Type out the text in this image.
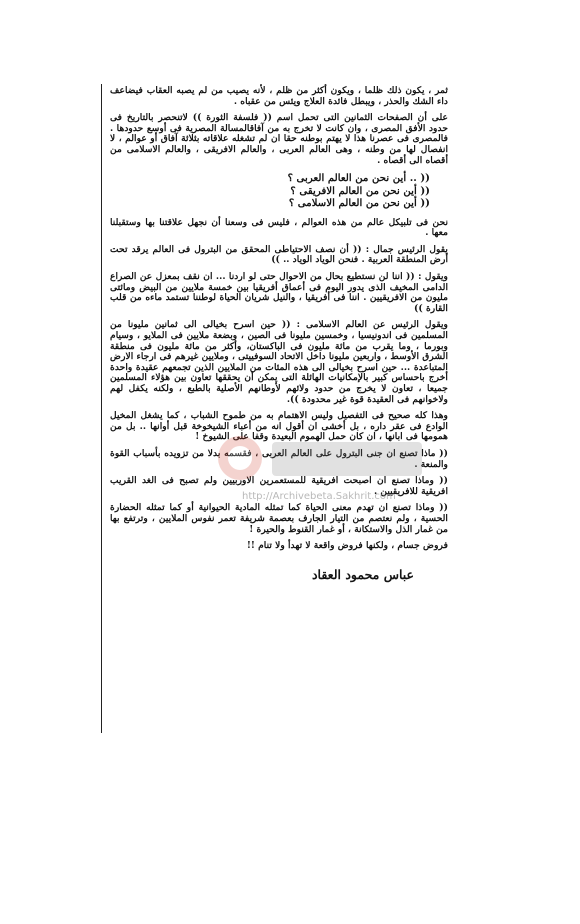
ثمر ، يكون ذلك ظلما ، ويكون أكثر من ظلم ، لأنه يصيب من لم يصبه العقاب فيضاعف داء الشك والحذر ، ويبطل فائدة العلاج ويئس من عقباه .

على أن الصفحات الثمانين التى تحمل اسم (( فلسفة الثورة )) لاتنحصر بالتاريخ فى حدود الأفق المصرى ، وان كانت لا تخرج به من آفاقالمسالة المصرية فى أوسع حدودها . فالمصرى فى عصرنا هذا لا يهتم بوطنه حقا ان لم تشغله علاقاته بثلاثة آفاق أو عوالم ، لا انفصال لها من وطنه ، وهى العالم العربى ، والعالم الافريقى ، والعالم الاسلامى من أقصاه الى أقصاه .

(( .. أين نحن من العالم العربى ؟
(( أين نحن من العالم الافريقى ؟
(( أين نحن من العالم الاسلامى ؟

نحن فى تلبيكل عالم من هذه العوالم ، فليس فى وسعنا أن نجهل علاقتنا بها وستقبلنا معها .

يقول الرئيس جمال : (( أن نصف الاحتياطى المحقق من البترول فى العالم يرقد تحت أرض المنطقة العربية . فنحن الوياد الوياد .. ))

ويقول : (( اننا لن نستطيع بحال من الاحوال حتى لو اردنا ... ان نقف بمعزل عن الصراع الدامى المخيف الذى يدور اليوم فى أعماق أفريقيا بين خمسة ملايين من البيض ومائتى مليون من الافريقيين . اننا فى أفريقيا ، والنيل شريان الحياة لوطننا تستمد ماءه من قلب القارة ))

ويقول الرئيس عن العالم الاسلامى : (( حين اسرح بخيالى الى ثمانين مليونا من المسلمين فى اندونيسيا ، وخمسين مليونا فى الصين ، وبضعة ملايين فى الملايو ، وسيام وبورما ، وما يقرب من مائة مليون فى الباكستان، وأكثر من مائة مليون فى منطقة الشرق الأوسط ، واربعين مليونا داخل الاتحاد السوفييتى ، وملايين غيرهم فى ارجاء الارض المتباعدة ... حين اسرح بخيالى الى هذه المئات من الملايين الذين تجمعهم عقيدة واحدة أخرج باحساس كبير بالإمكانيات الهائلة التى يمكن أن يحققها تعاون بين هؤلاء المسلمين جميعا ، تعاون لا يخرج من حدود ولائهم لأوطانهم الأصلية بالطبع ، ولكنه يكفل لهم ولاخوانهم فى العقيدة قوة غير محدودة )).

وهذا كله صحيح فى التفصيل وليس الاهتمام به من طموح الشباب ، كما يشغل المخيل الوادع فى عقر داره ، بل أخشى ان أقول انه من أعباء الشيخوخة قبل أوانها .. بل من همومها فى ابانها ، ان كان حمل الهموم البعيدة وقفا على الشيوخ !

(( ماذا تصنع ان جنى البترول على العالم العربى ، فقسمه بدلا من تزويده بأسباب القوة والمنعة .

(( وماذا تصنع ان اصبحت افريقية للمستعمرين الاوربيين ولم تصبح فى الغد القريب افريقية للافريقيين .

(( وماذا تصنع ان تهدم معنى الحياة كما تمثله المادية الحيوانية أو كما تمثله الحضارة الحسية ، ولم نعتصم من التيار الجارف بعصمة شريفة تعمر نفوس الملايين ، وترتفع بها من غمار الذل والاستكانة ، أو غمار القنوط والحيرة !

فروض جسام ، ولكنها فروض واقعة لا تهدأ ولا تنام !!

عباس محمود العقاد
http://Archivebeta.Sakhrit.com
